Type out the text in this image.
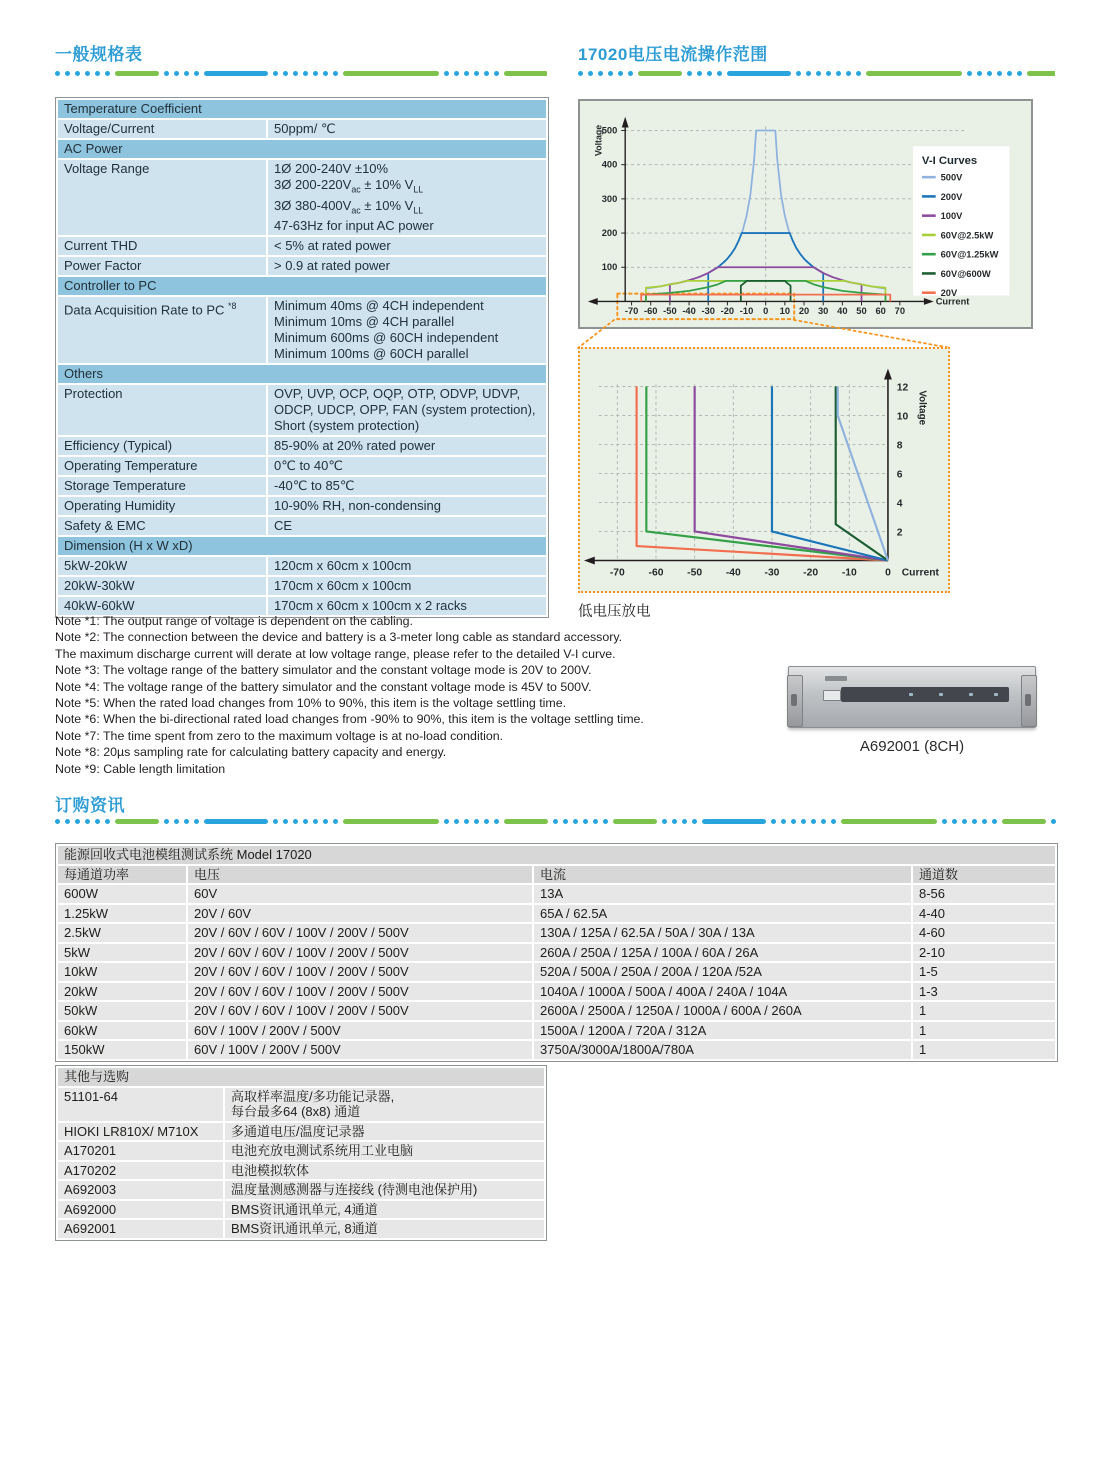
一般规格表
Temperature Coefficient	
Voltage/Current	50ppm/ ℃
AC Power	
Voltage Range	1Ø 200-240V ±10%
3Ø $200-220V_{ac} \pm 10\%$ $V_{LL}$
3Ø $380-400V_{ac} \pm 10\%$ $V_{LL}$
47-63Hz for input AC power
Current THD	< 5% at rated power
Power Factor	> 0.9 at rated power
Controller to PC	
Data Acquisition Rate to PC $^{*8}$	Minimum 40ms @ 4CH independent
Minimum 10ms @ 4CH parallel
Minimum 600ms @ 60CH independent
Minimum 100ms @ 60CH parallel
Others	
Protection	OVP, UVP, OCP, OQP, OTP, ODVP, UDVP,
ODCP, UDCP, OPP, FAN (system protection),
Short (system protection)
Efficiency (Typical)	85-90% at 20% rated power
Operating Temperature	0℃ to 40℃
Storage Temperature	-40℃ to 85℃
Operating Humidity	10-90% RH, non-condensing
Safety & EMC	CE
Dimension (H x W xD)	
5kW-20kW	120cm x 60cm x 100cm
20kW-30kW	170cm x 60cm x 100cm
40kW-60kW	170cm x 60cm x 100cm x 2 racks
Note *1: The output range of voltage is dependent on the cabling.
Note *2: The connection between the device and battery is a 3-meter long cable as standard accessory.
The maximum discharge current will derate at low voltage range, please refer to the detailed V-I curve.
Note *3: The voltage range of the battery simulator and the constant voltage mode is 20V to 200V.
Note *4: The voltage range of the battery simulator and the constant voltage mode is 45V to 500V.
Note *5: When the rated load changes from 10% to 90%, this item is the voltage settling time.
Note *6: When the bi-directional rated load changes from -90% to 90%, this item is the voltage settling time.
Note *7: The time spent from zero to the maximum voltage is at no-load condition.
Note *8: 20µs sampling rate for calculating battery capacity and energy.
Note *9: Cable length limitation
17020电压电流操作范围
-70 -60 -50 -40 -30 -20 -10 0 10 20 30 40 50 60 70
100
200
300
400
500
Voltage
Current
V-I Curves
500V
200V
100V
60V@2.5kW
60V@1.25kW
60V@600W
20V
2
4
6
8
10
12
Voltage
-70 -60 -50 -40 -30 -20 -10	0 Current
低电压放电
A692001 (8CH)
订购资讯
能源回收式电池模组测试系统 Model 17020			
每通道功率	电压	电流	通道数
600W	60V	13A	8-56
1.25kW	20V / 60V	65A / 62.5A	4-40
2.5kW	20V / 60V / 60V / 100V / 200V / 500V	130A / 125A / 62.5A / 50A / 30A / 13A	4-60
5kW	20V / 60V / 60V / 100V / 200V / 500V	260A / 250A / 125A / 100A / 60A / 26A	2-10
10kW	20V / 60V / 60V / 100V / 200V / 500V	520A / 500A / 250A / 200A / 120A /52A	1-5
20kW	20V / 60V / 60V / 100V / 200V / 500V	1040A / 1000A / 500A / 400A / 240A / 104A	1-3
50kW	20V / 60V / 60V / 100V / 200V / 500V	2600A / 2500A / 1250A / 1000A / 600A / 260A	1
60kW	60V / 100V / 200V / 500V	1500A / 1200A / 720A / 312A	1
150kW	60V / 100V / 200V / 500V	3750A/3000A/1800A/780A	1
其他与选购	
51101-64	高取样率温度/多功能记录器,
每台最多64 (8x8) 通道
HIOKI LR810X/ M710X	多通道电压/温度记录器
A170201	电池充放电测试系统用工业电脑
A170202	电池模拟软体
A692003	温度量测感测器与连接线 (待测电池保护用)
A692000	BMS资讯通讯单元, 4通道
A692001	BMS资讯通讯单元, 8通道
